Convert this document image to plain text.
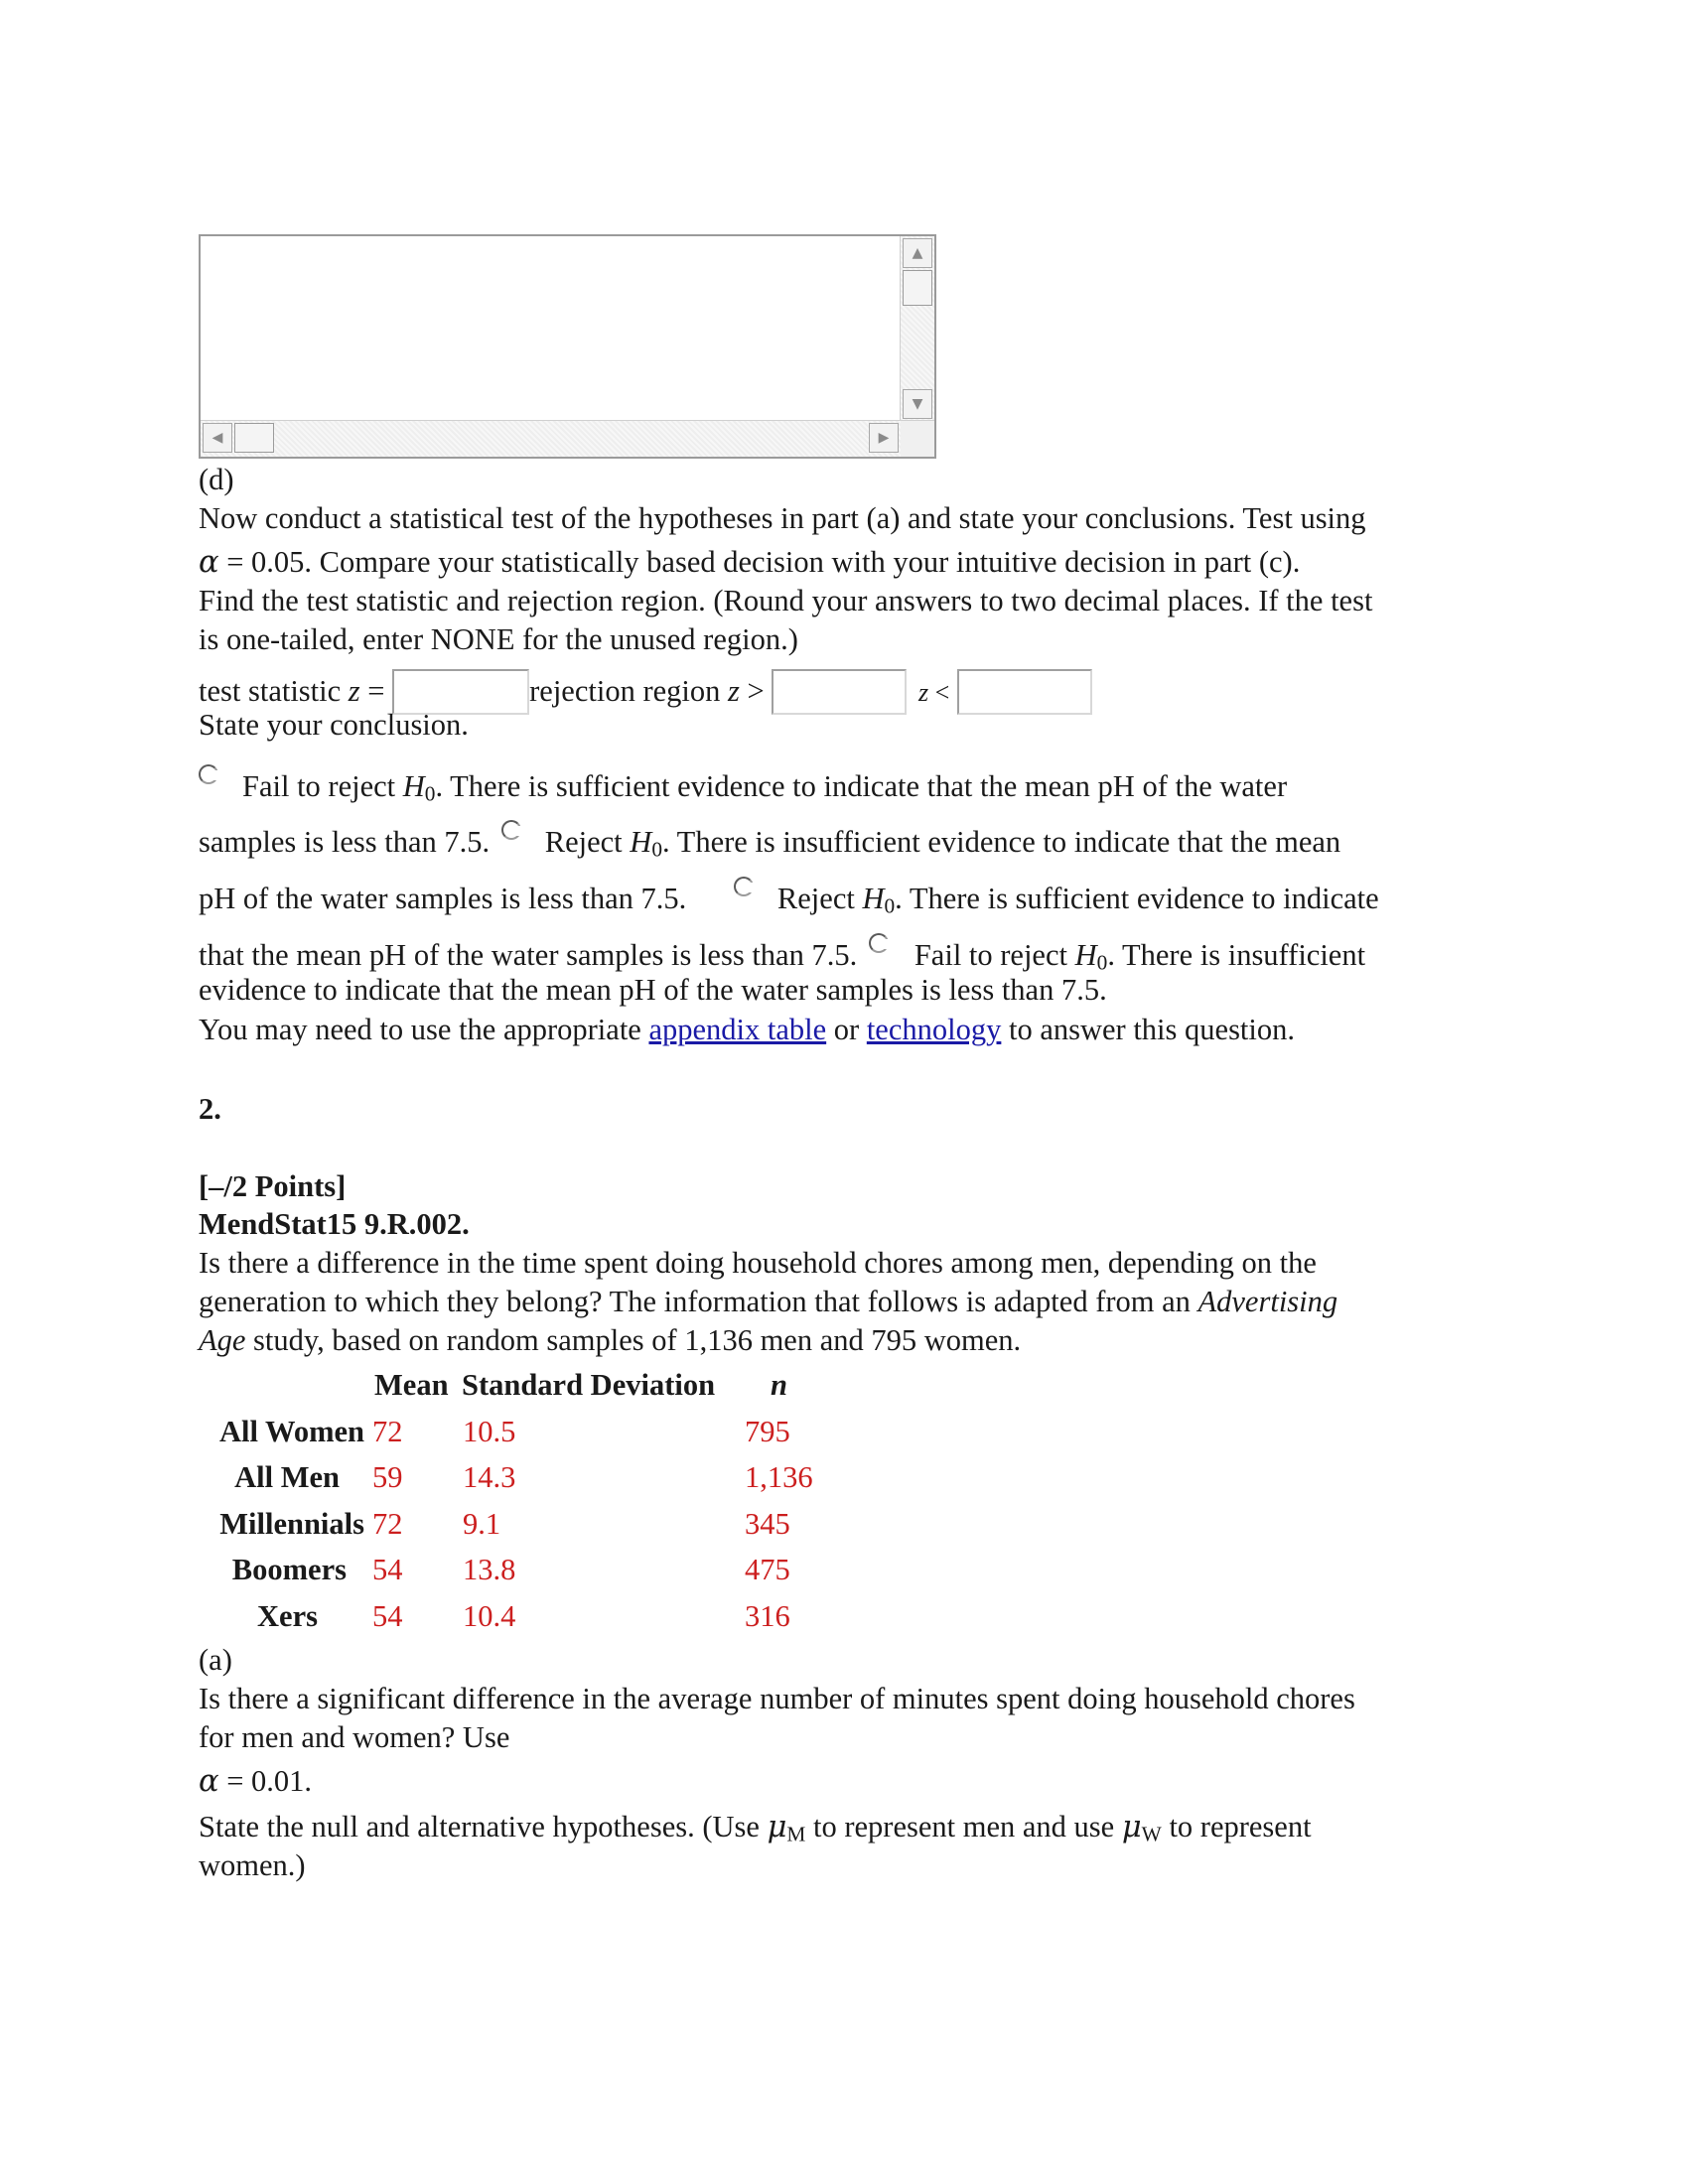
▲
▼
◀	▶
(d)
Now conduct a statistical test of the hypotheses in part (a) and state your conclusions. Test using
α = 0.05. Compare your statistically based decision with your intuitive decision in part (c).
Find the test statistic and rejection region. (Round your answers to two decimal places. If the test
is one-tailed, enter NONE for the unused region.)
test statistic z =	rejection region z >	z <
State your conclusion.
Fail to reject $H_0$. There is sufficient evidence to indicate that the mean pH of the water
samples is less than 7.5. Reject $H_0$. There is insufficient evidence to indicate that the mean
pH of the water samples is less than 7.5.	Reject $H_0$. There is sufficient evidence to indicate
that the mean pH of the water samples is less than 7.5. Fail to reject $H_0$. There is insufficient
evidence to indicate that the mean pH of the water samples is less than 7.5.
You may need to use the appropriate appendix table or technology to answer this question.
2.
[–/2 Points]
MendStat15 9.R.002.
Is there a difference in the time spent doing household chores among men, depending on the
generation to which they belong? The information that follows is adapted from an Advertising
Age study, based on random samples of 1,136 men and 795 women.
Mean Standard Deviation n
All Women 72 10.5	795
All Men 59 14.3	1,136
Millennials 72 9.1	345
Boomers 54 13.8	475
Xers 54 10.4	316
(a)
Is there a significant difference in the average number of minutes spent doing household chores
for men and women? Use
α = 0.01.
State the null and alternative hypotheses. (Use $\mu_M$ to represent men and use $\mu_W$ to represent
women.)
